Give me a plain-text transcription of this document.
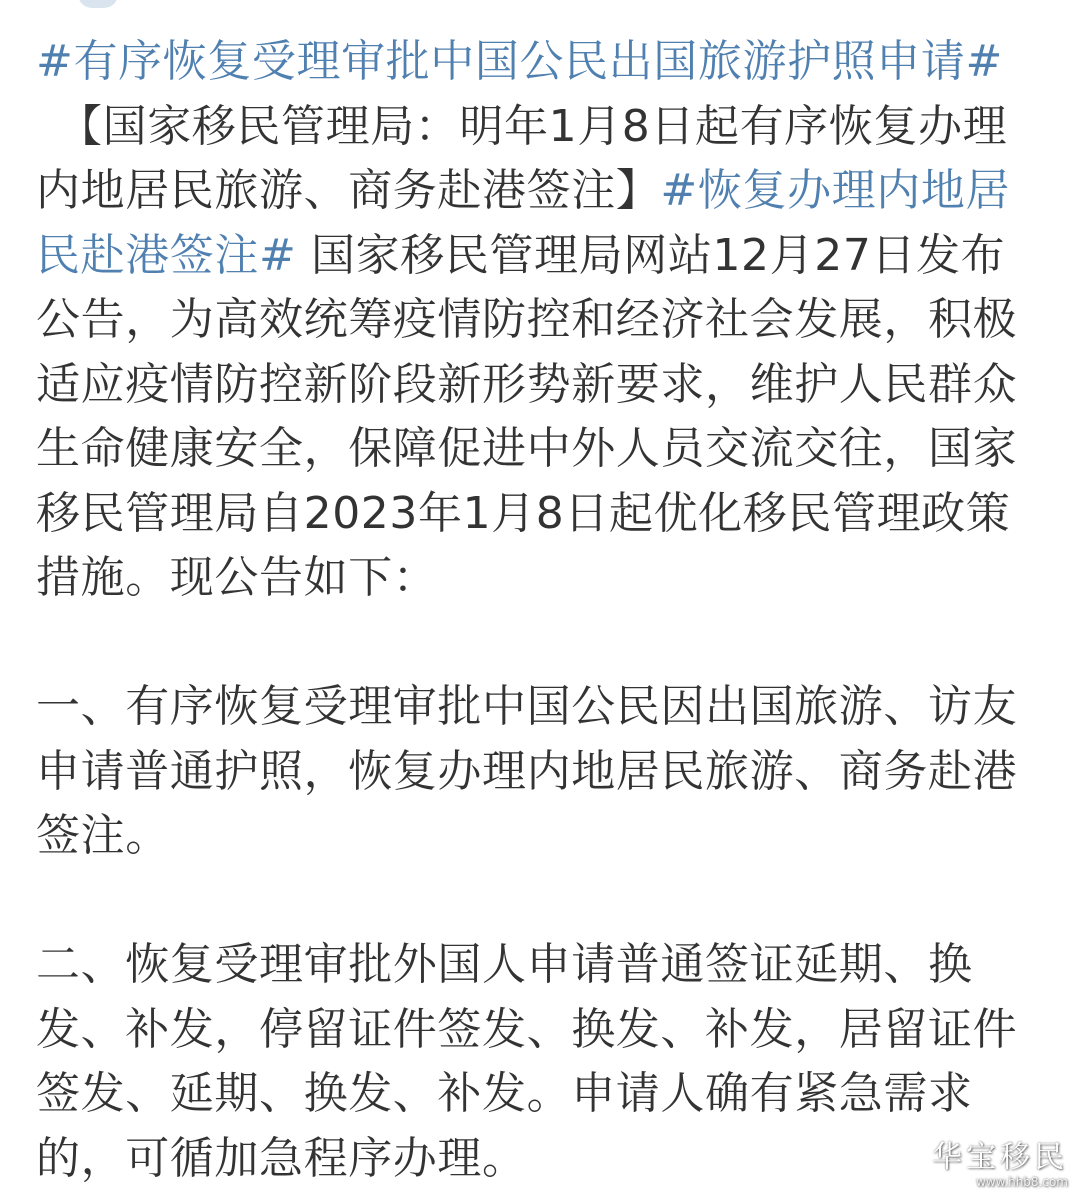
#有序恢复受理审批中国公民出国旅游护照申请#
【国家移民管理局：明年1月8日起有序恢复办理内地居民旅游、商务赴港签注】#恢复办理内地居民赴港签注# 国家移民管理局网站12月27日发布公告，为高效统筹疫情防控和经济社会发展，积极适应疫情防控新阶段新形势新要求，维护人民群众生命健康安全，保障促进中外人员交流交往，国家移民管理局自2023年1月8日起优化移民管理政策措施。现公告如下：

一、有序恢复受理审批中国公民因出国旅游、访友申请普通护照，恢复办理内地居民旅游、商务赴港签注。

二、恢复受理审批外国人申请普通签证延期、换发、补发，停留证件签发、换发、补发，居留证件签发、延期、换发、补发。申请人确有紧急需求的，可循加急程序办理。	华宝移民
www.hhb8.com
